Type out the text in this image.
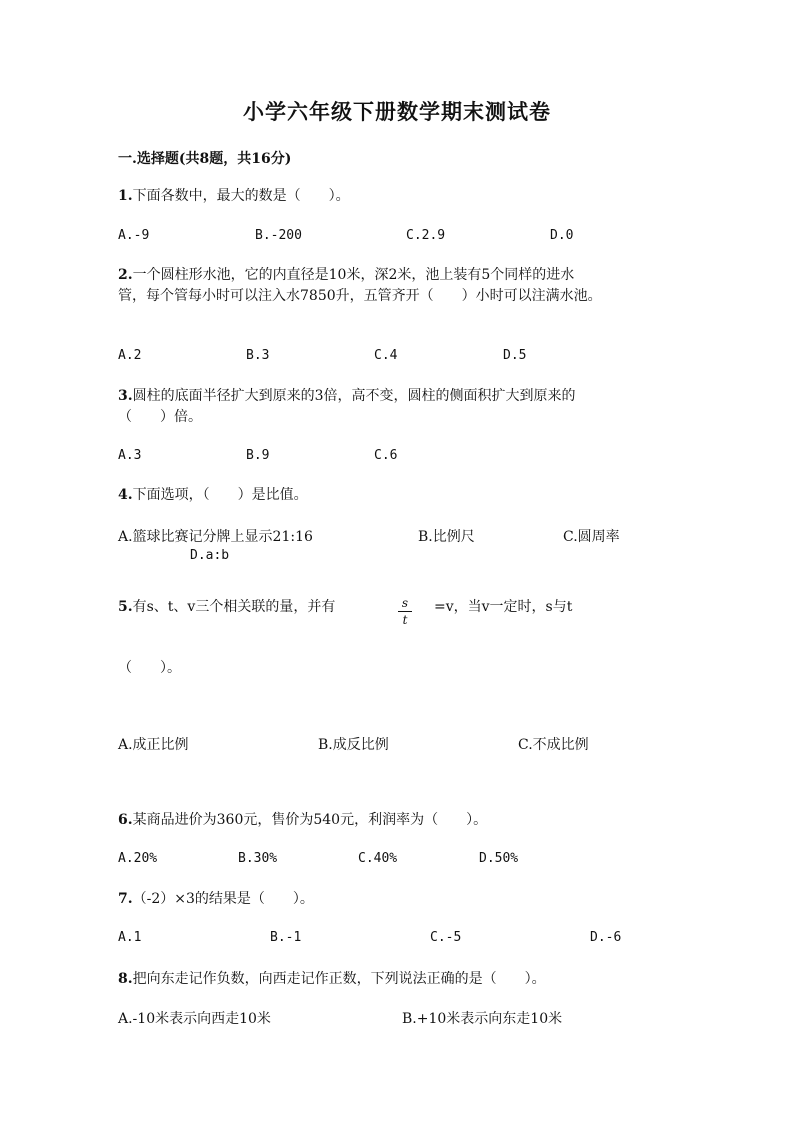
小学六年级下册数学期末测试卷
一.选择题(共8题，共16分)
1.下面各数中，最大的数是（　　）。
A.-9	B.-200	C.2.9	D.0
2.一个圆柱形水池，它的内直径是10米，深2米，池上装有5个同样的进水
管，每个管每小时可以注入水7850升，五管齐开（　　）小时可以注满水池。
A.2	B.3	C.4	D.5
3.圆柱的底面半径扩大到原来的3倍，高不变，圆柱的侧面积扩大到原来的
（　　）倍。
A.3	B.9	C.6
4.下面选项，（　　）是比值。
A.篮球比赛记分牌上显示21:16	B.比例尺	C.圆周率
D.a:b
5.有s、t、v三个相关联的量，并有	s
t
=v，当v一定时，s与t
（　　）。
A.成正比例	B.成反比例	C.不成比例
6.某商品进价为360元，售价为540元，利润率为（　　）。
A.20%	B.30%	C.40%	D.50%
7.（-2）×3的结果是（　　）。
A.1	B.-1	C.-5	D.-6
8.把向东走记作负数，向西走记作正数，下列说法正确的是（　　）。
A.-10米表示向西走10米	B.+10米表示向东走10米
